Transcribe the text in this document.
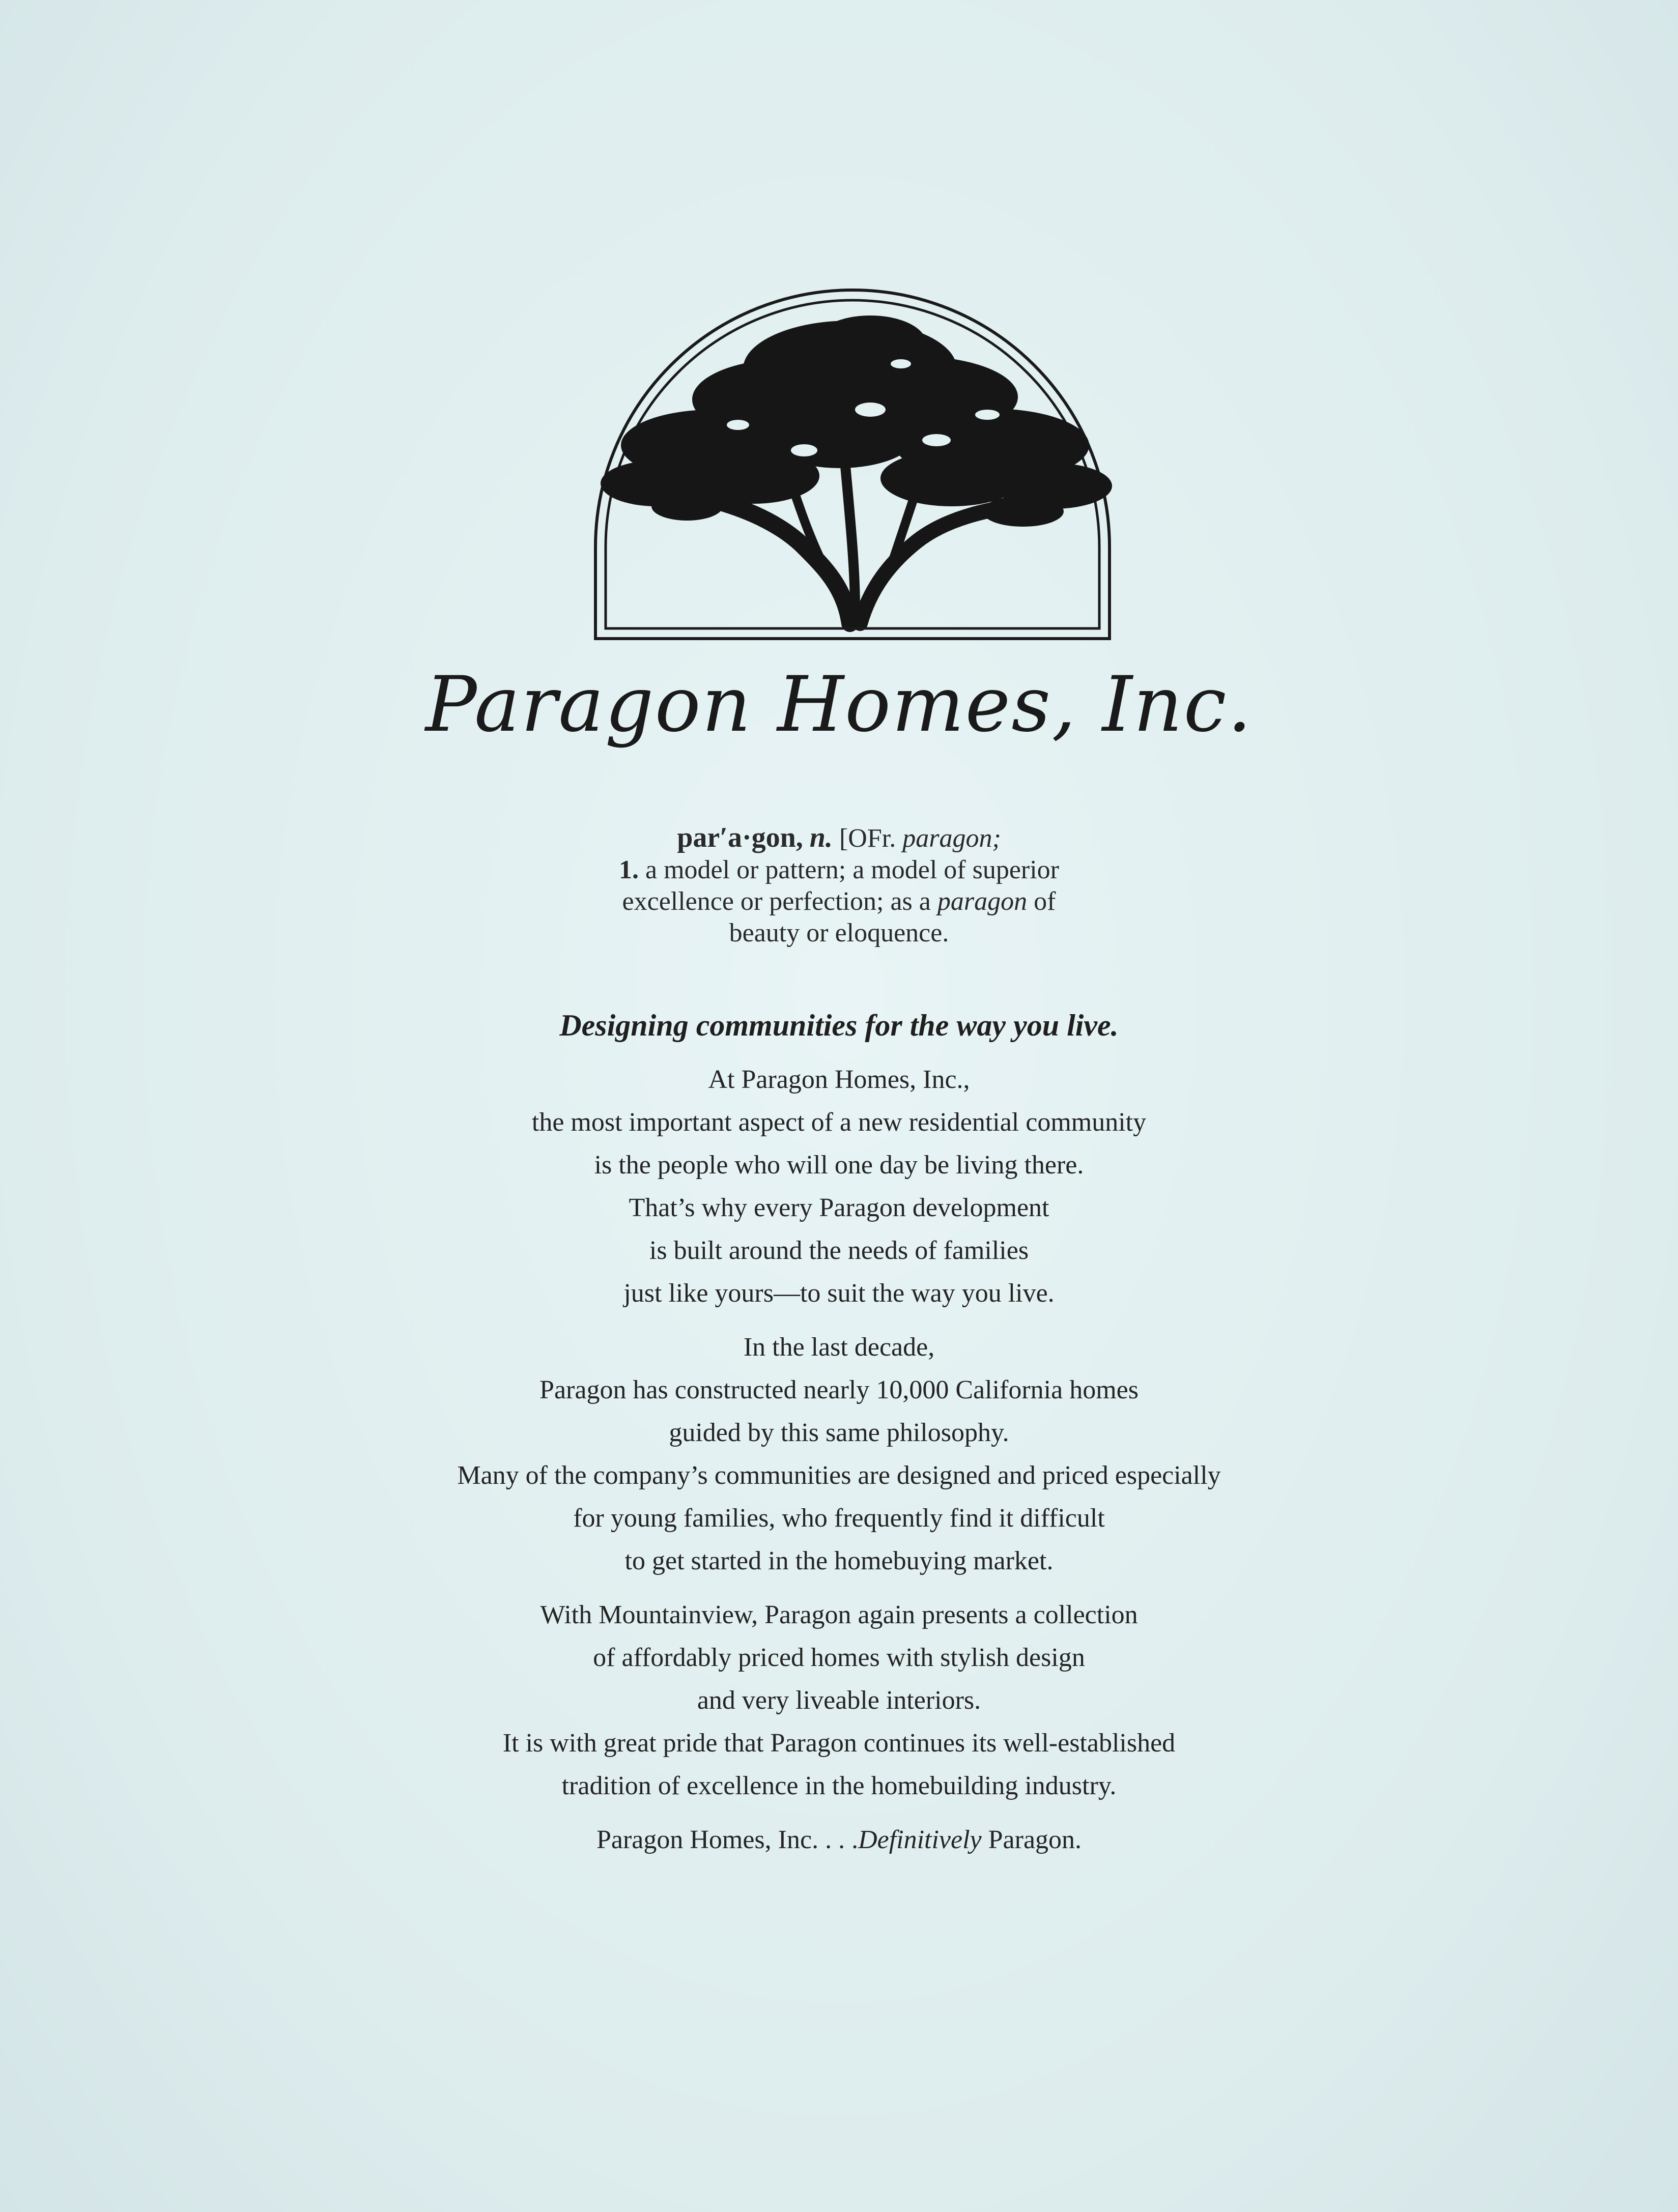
Paragon Homes, Inc.
par′a·gon, n. [OFr. paragon;
1. a model or pattern; a model of superior
excellence or perfection; as a paragon of
beauty or eloquence.
Designing communities for the way you live.
At Paragon Homes, Inc.,
the most important aspect of a new residential community
is the people who will one day be living there.
That’s why every Paragon development
is built around the needs of families
just like yours—to suit the way you live.
In the last decade,
Paragon has constructed nearly 10,000 California homes
guided by this same philosophy.
Many of the company’s communities are designed and priced especially
for young families, who frequently find it difficult
to get started in the homebuying market.
With Mountainview, Paragon again presents a collection
of affordably priced homes with stylish design
and very liveable interiors.
It is with great pride that Paragon continues its well-established
tradition of excellence in the homebuilding industry.
Paragon Homes, Inc. . . .Definitively Paragon.
